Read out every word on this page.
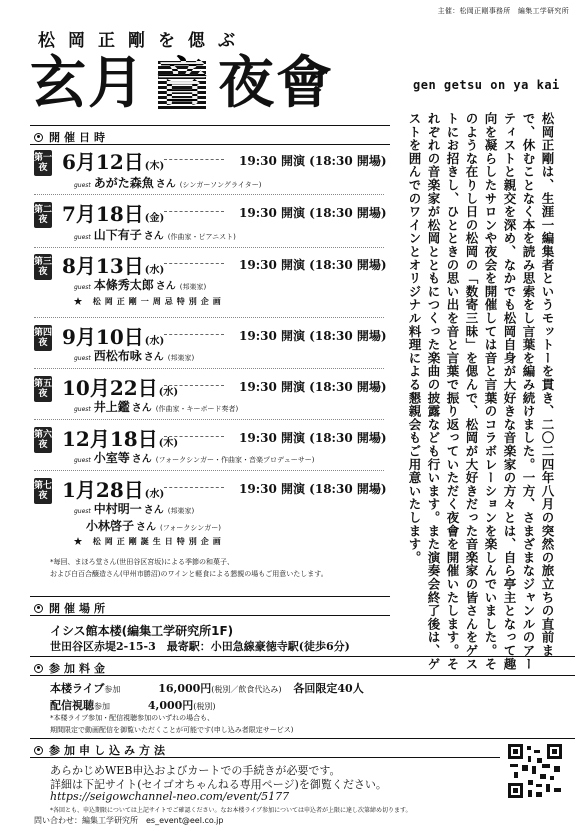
主催：松岡正剛事務所　編集工学研究所
松岡正剛を偲ぶ
玄月 音 夜會	gen getsu on ya kai
開催日時
第一夜 6月12日(木)	19:30 開演 (18:30 開場)
guest あがた森魚 さん (シンガーソングライター)
第二夜 7月18日(金)	19:30 開演 (18:30 開場)
guest 山下有子 さん (作曲家・ピアニスト)
第三夜 8月13日(水)	19:30 開演 (18:30 開場)
guest 本條秀太郎 さん (邦楽家)
★ 松岡正剛一周忌特別企画
第四夜 9月10日(水)	19:30 開演 (18:30 開場)
guest 西松布咏 さん (邦楽家)
第五夜 10月22日(水)	19:30 開演 (18:30 開場)
guest 井上鑑 さん (作曲家・キーボード奏者)
第六夜 12月18日(木)	19:30 開演 (18:30 開場)
guest 小室等 さん (フォークシンガー・作曲家・音楽プロデューサー)
第七夜 1月28日(水)	19:30 開演 (18:30 開場)
guest 中村明一 さん (邦楽家)
小林啓子 さん (フォークシンガー)
★ 松岡正剛誕生日特別企画
*毎回、まほろ堂さん(世田谷区宮坂)による季節の和菓子、
および白百合醸造さん(甲州市勝沼)のワインと軽食による懇親の場もご用意いたします。
開催場所
イシス館本楼(編集工学研究所1F)
世田谷区赤堤2-15-3　最寄駅：小田急線豪徳寺駅(徒歩6分)
参加料金
本楼ライブ参加	16,000円(税別／飲食代込み) 各回限定40人
配信視聴参加	4,000円(税別)
*本楼ライブ参加・配信視聴参加のいずれの場合も、
期間限定で動画配信を御覧いただくことが可能です(申し込み者限定サービス)
参加申し込み方法
あらかじめWEB申込およびカートでの手続きが必要です。
詳細は下記サイト(セイゴオちゃんねる専用ページ)を御覧ください。
https://seigowchannel-neo.com/event/5177
*各回とも、申込期限については上記サイトでご確認ください。なお本楼ライブ参加については申込者が上限に達し次第締め切ります。
問い合わせ：編集工学研究所　es_event@eel.co.jp
松岡正剛は、生涯一編集者というモットーを貫き、二〇二四年八月の突然の旅立ちの直前まで、休むことなく本を読み思索をし言葉を編み続けました。一方、さまざまなジャンルのアーティストと親交を深め、なかでも松岡自身が大好きな音楽家の方々とは、自ら亭主となって趣向を凝らしたサロンや夜会を開催しては音と言葉のコラボレーションを楽しんでいました。そのような在りし日の松岡の「数寄三昧」を偲んで、松岡が大好きだった音楽家の皆さんをゲストにお招きし、ひとときの思い出を音と言葉で振り返っていただく夜會を開催いたします。それぞれの音楽家が松岡とともにつくった楽曲の披露なども行います。また演奏会終了後は、ゲストを囲んでのワインとオリジナル料理による懇親会もご用意いたします。
